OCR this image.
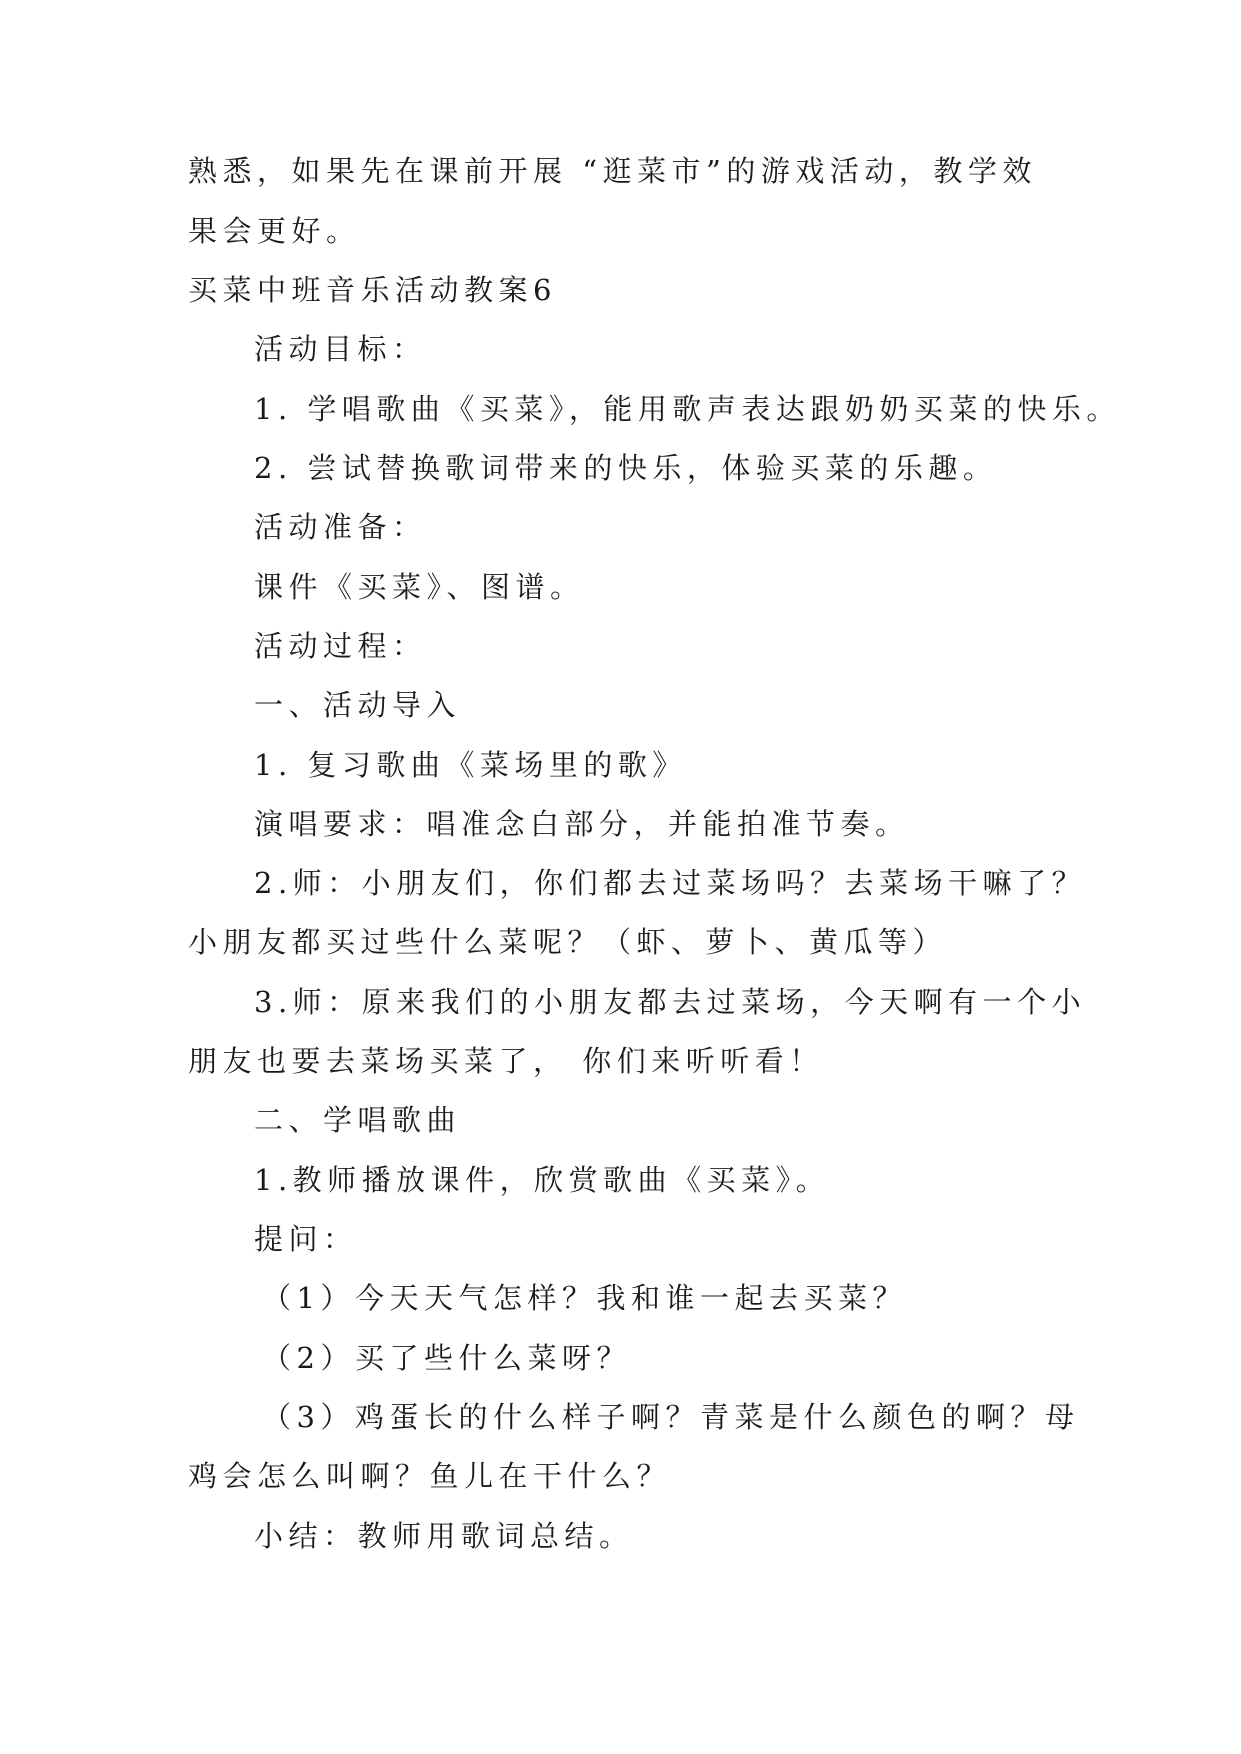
熟悉，如果先在课前开展 “逛菜市”的游戏活动，教学效

果会更好。

买菜中班音乐活动教案6

活动目标：

1. 学唱歌曲《买菜》，能用歌声表达跟奶奶买菜的快乐。

2. 尝试替换歌词带来的快乐，体验买菜的乐趣。

活动准备：

课件《买菜》、图谱。

活动过程：

一、活动导入

1. 复习歌曲《菜场里的歌》

演唱要求：唱准念白部分，并能拍准节奏。

2.师：小朋友们，你们都去过菜场吗？去菜场干嘛了？

小朋友都买过些什么菜呢？（虾、萝卜、黄瓜等）

3.师：原来我们的小朋友都去过菜场，今天啊有一个小

朋友也要去菜场买菜了， 你们来听听看！

二、学唱歌曲

1.教师播放课件，欣赏歌曲《买菜》。

提问：

（1）今天天气怎样？我和谁一起去买菜？

（2）买了些什么菜呀？

（3）鸡蛋长的什么样子啊？青菜是什么颜色的啊？母

鸡会怎么叫啊？鱼儿在干什么？

小结：教师用歌词总结。
